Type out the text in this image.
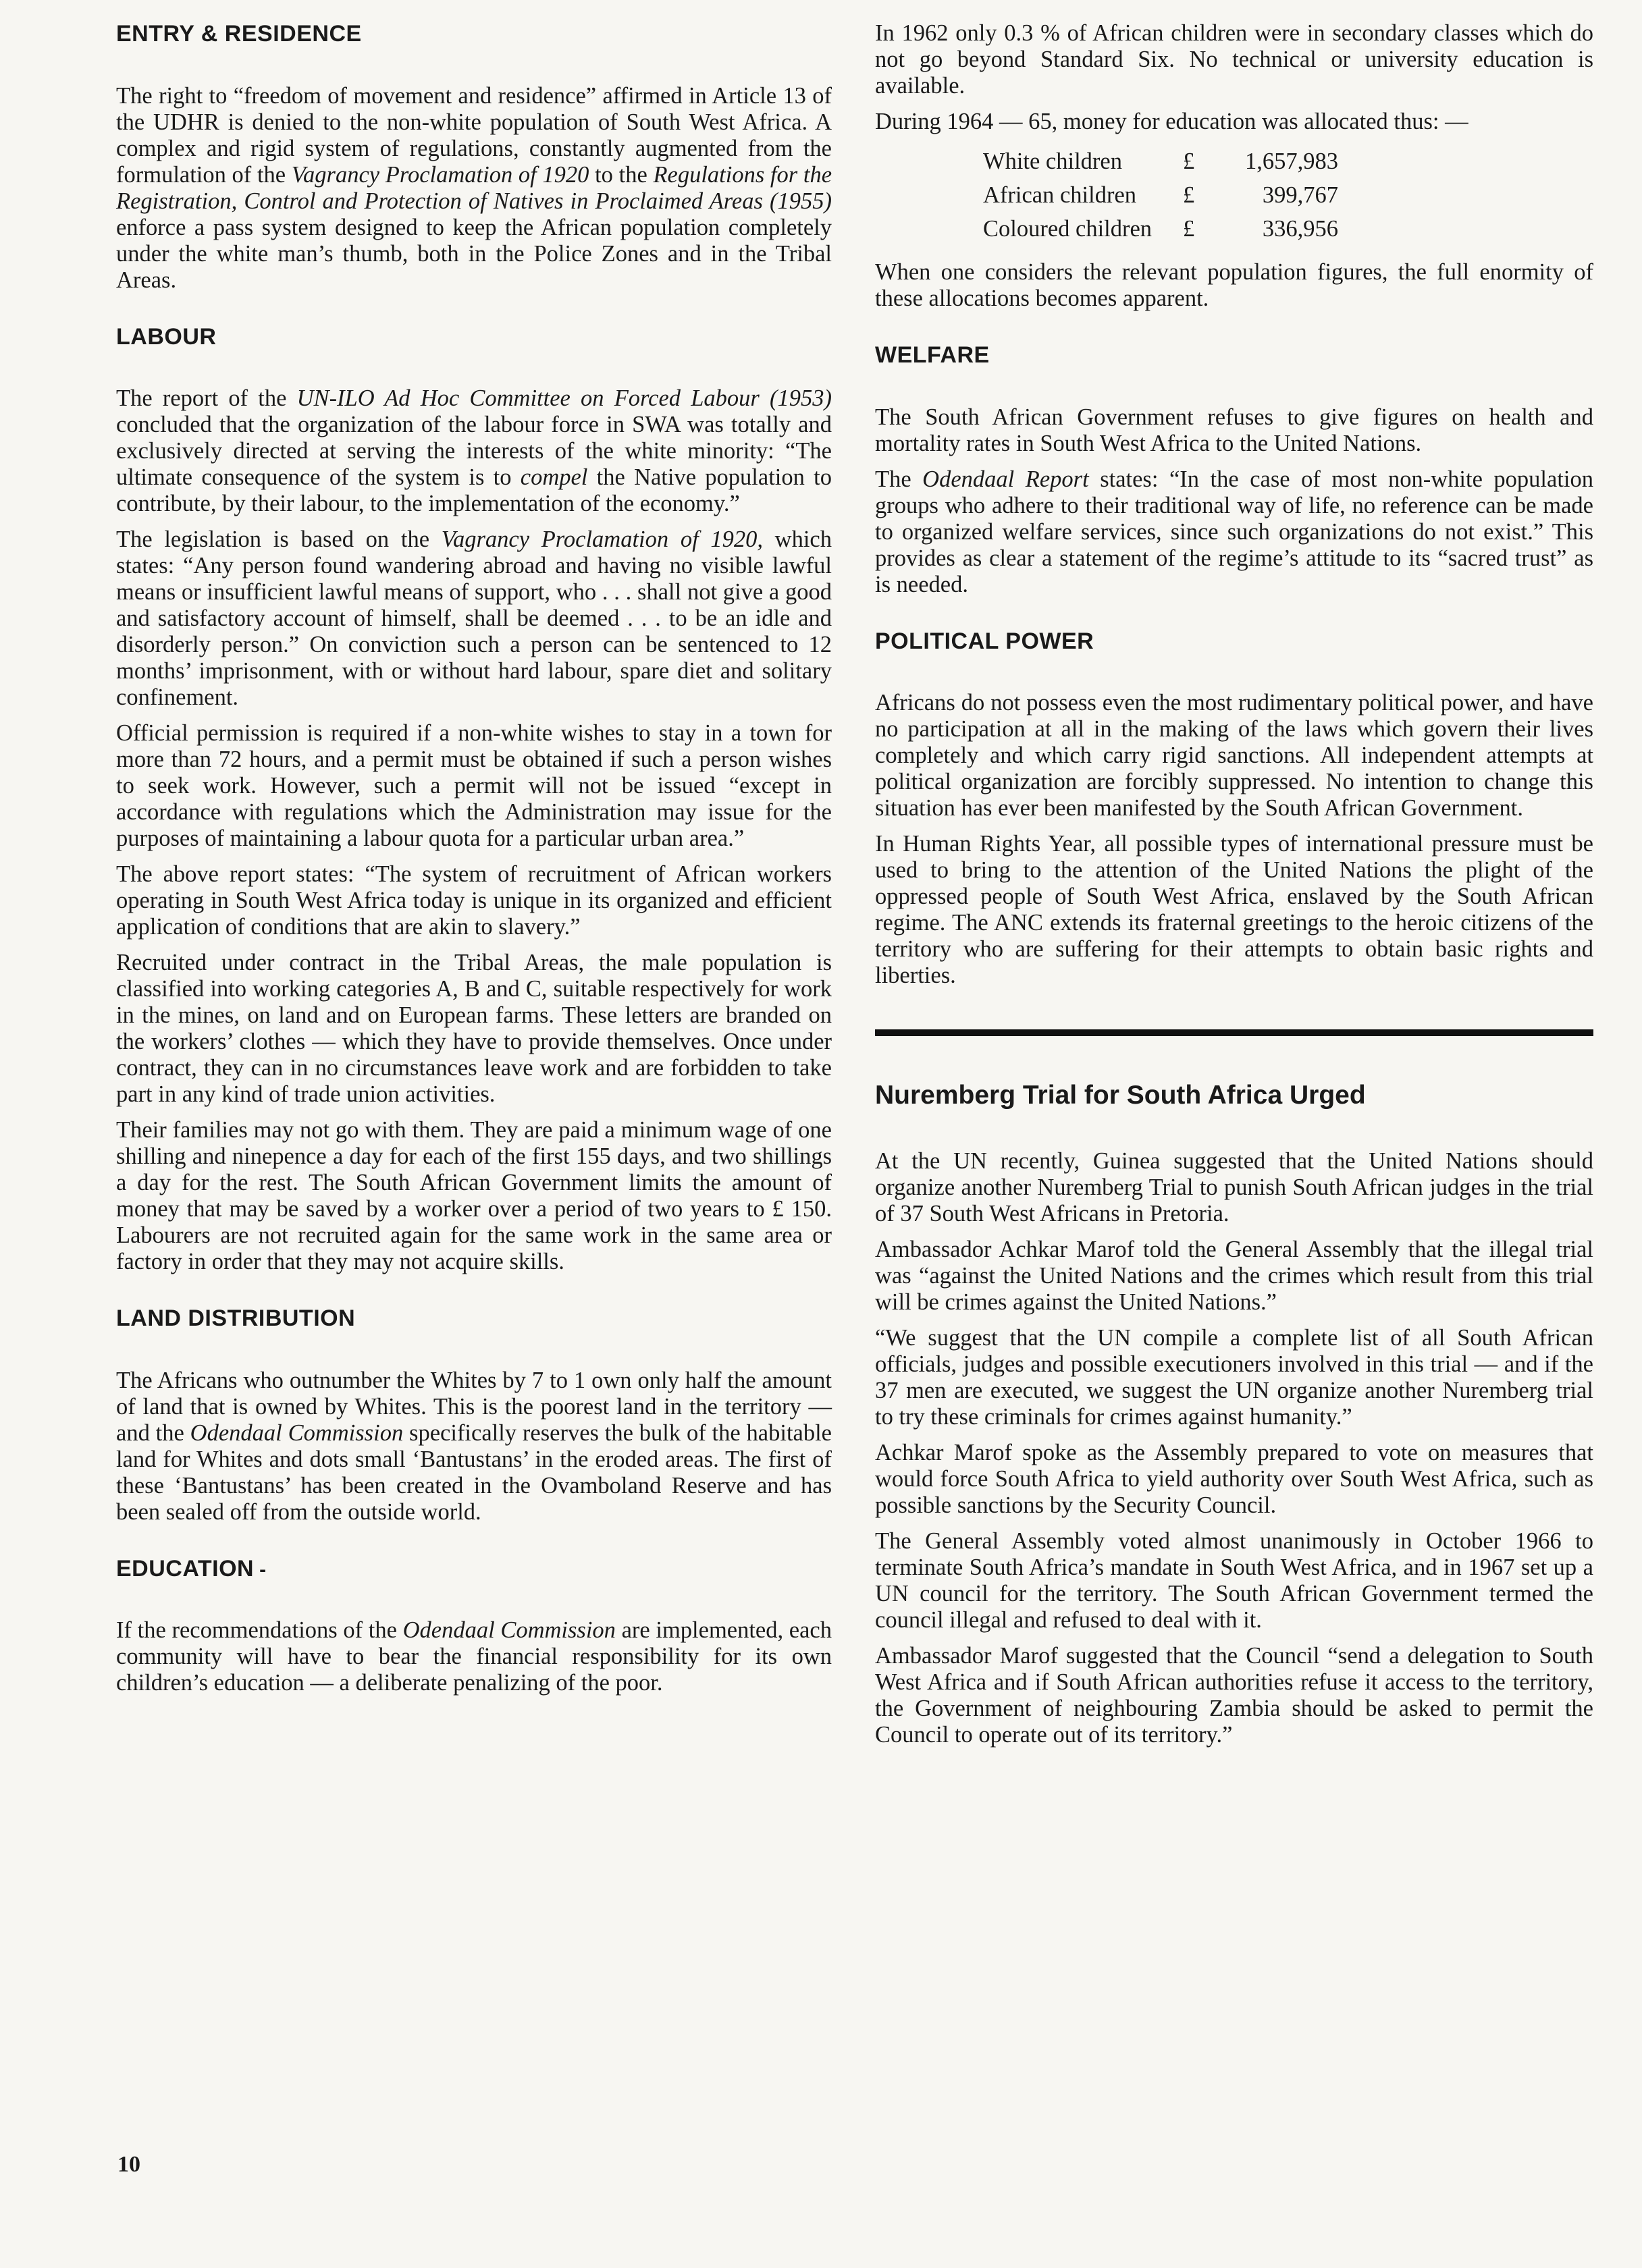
ENTRY & RESIDENCE

The right to “freedom of movement and residence” affirmed in Article 13 of the UDHR is denied to the non-white population of South West Africa. A complex and rigid system of regulations, constantly augmented from the formulation of the Vagrancy Proclamation of 1920 to the Regulations for the Registration, Control and Protection of Natives in Proclaimed Areas (1955) enforce a pass system designed to keep the African population completely under the white man’s thumb, both in the Police Zones and in the Tribal Areas.

LABOUR

The report of the UN-ILO Ad Hoc Committee on Forced Labour (1953) concluded that the organization of the labour force in SWA was totally and exclusively directed at serving the interests of the white minority: “The ultimate consequence of the system is to compel the Native population to contribute, by their labour, to the implementation of the economy.”

The legislation is based on the Vagrancy Proclamation of 1920, which states: “Any person found wandering abroad and having no visible lawful means or insufficient lawful means of support, who . . . shall not give a good and satisfactory account of himself, shall be deemed . . . to be an idle and disorderly person.” On conviction such a person can be sentenced to 12 months’ imprisonment, with or without hard labour, spare diet and solitary confinement.

Official permission is required if a non-white wishes to stay in a town for more than 72 hours, and a permit must be obtained if such a person wishes to seek work. However, such a permit will not be issued “except in accordance with regulations which the Administration may issue for the purposes of maintaining a labour quota for a particular urban area.”

The above report states: “The system of recruitment of African workers operating in South West Africa today is unique in its organized and efficient application of conditions that are akin to slavery.”

Recruited under contract in the Tribal Areas, the male population is classified into working categories A, B and C, suitable respectively for work in the mines, on land and on European farms. These letters are branded on the workers’ clothes — which they have to provide themselves. Once under contract, they can in no circumstances leave work and are forbidden to take part in any kind of trade union activities.

Their families may not go with them. They are paid a minimum wage of one shilling and ninepence a day for each of the first 155 days, and two shillings a day for the rest. The South African Government limits the amount of money that may be saved by a worker over a period of two years to £ 150. Labourers are not recruited again for the same work in the same area or factory in order that they may not acquire skills.

LAND DISTRIBUTION

The Africans who outnumber the Whites by 7 to 1 own only half the amount of land that is owned by Whites. This is the poorest land in the territory — and the Odendaal Commission specifically reserves the bulk of the habitable land for Whites and dots small ‘Bantustans’ in the eroded areas. The first of these ‘Bantustans’ has been created in the Ovamboland Reserve and has been sealed off from the outside world.

EDUCATION -

If the recommendations of the Odendaal Commission are implemented, each community will have to bear the financial responsibility for its own children’s education — a deliberate penalizing of the poor.

In 1962 only 0.3 % of African children were in secondary classes which do not go beyond Standard Six. No technical or university education is available.

During 1964 — 65, money for education was allocated thus: —

White children	£	1,657,983
African children	£	399,767
Coloured children	£	336,956

When one considers the relevant population figures, the full enormity of these allocations becomes apparent.

WELFARE

The South African Government refuses to give figures on health and mortality rates in South West Africa to the United Nations.

The Odendaal Report states: “In the case of most non-white population groups who adhere to their traditional way of life, no reference can be made to organized welfare services, since such organizations do not exist.” This provides as clear a statement of the regime’s attitude to its “sacred trust” as is needed.

POLITICAL POWER

Africans do not possess even the most rudimentary political power, and have no participation at all in the making of the laws which govern their lives completely and which carry rigid sanctions. All independent attempts at political organization are forcibly suppressed. No intention to change this situation has ever been manifested by the South African Government.

In Human Rights Year, all possible types of international pressure must be used to bring to the attention of the United Nations the plight of the oppressed people of South West Africa, enslaved by the South African regime. The ANC extends its fraternal greetings to the heroic citizens of the territory who are suffering for their attempts to obtain basic rights and liberties.

Nuremberg Trial for South Africa Urged

At the UN recently, Guinea suggested that the United Nations should organize another Nuremberg Trial to punish South African judges in the trial of 37 South West Africans in Pretoria.

Ambassador Achkar Marof told the General Assembly that the illegal trial was “against the United Nations and the crimes which result from this trial will be crimes against the United Nations.”

“We suggest that the UN compile a complete list of all South African officials, judges and possible executioners involved in this trial — and if the 37 men are executed, we suggest the UN organize another Nuremberg trial to try these criminals for crimes against humanity.”

Achkar Marof spoke as the Assembly prepared to vote on measures that would force South Africa to yield authority over South West Africa, such as possible sanctions by the Security Council.

The General Assembly voted almost unanimously in October 1966 to terminate South Africa’s mandate in South West Africa, and in 1967 set up a UN council for the territory. The South African Government termed the council illegal and refused to deal with it.

Ambassador Marof suggested that the Council “send a delegation to South West Africa and if South African authorities refuse it access to the territory, the Government of neighbouring Zambia should be asked to permit the Council to operate out of its territory.”

10
